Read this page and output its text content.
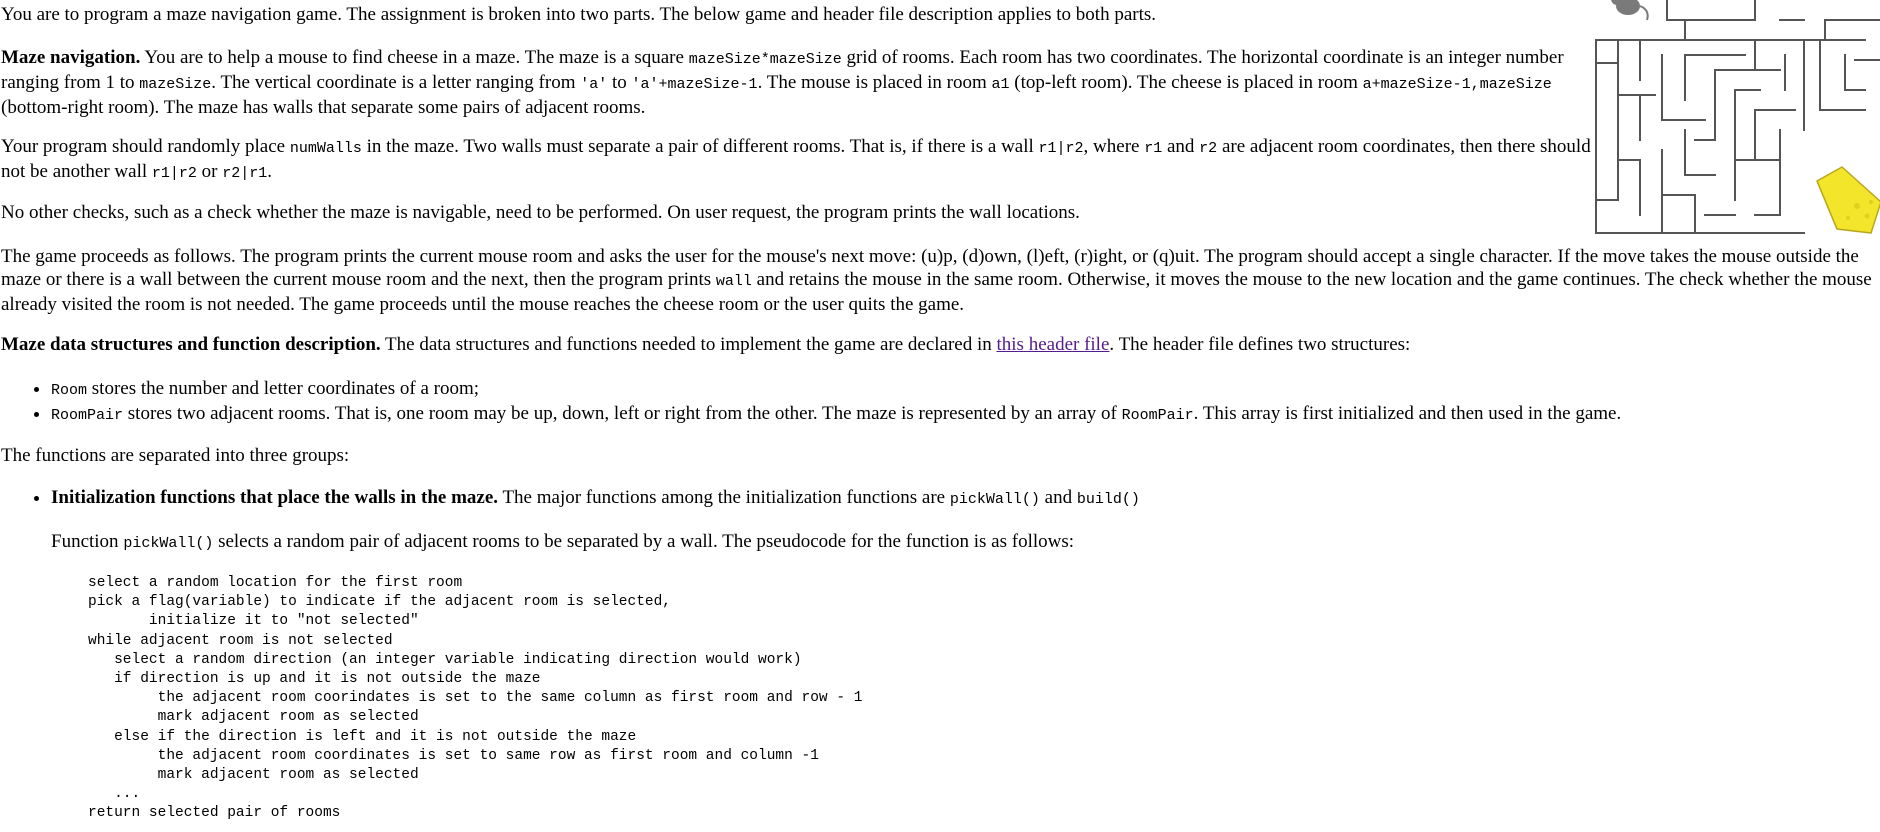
You are to program a maze navigation game. The assignment is broken into two parts. The below game and header file description applies to both parts.

Maze navigation. You are to help a mouse to find cheese in a maze. The maze is a square mazeSize*mazeSize grid of rooms. Each room has two coordinates. The horizontal coordinate is an integer number ranging from 1 to mazeSize. The vertical coordinate is a letter ranging from 'a' to 'a'+mazeSize-1. The mouse is placed in room a1 (top-left room). The cheese is placed in room a+mazeSize-1,mazeSize (bottom-right room). The maze has walls that separate some pairs of adjacent rooms.

Your program should randomly place numWalls in the maze. Two walls must separate a pair of different rooms. That is, if there is a wall r1|r2, where r1 and r2 are adjacent room coordinates, then there should not be another wall r1|r2 or r2|r1.

No other checks, such as a check whether the maze is navigable, need to be performed. On user request, the program prints the wall locations.

The game proceeds as follows. The program prints the current mouse room and asks the user for the mouse's next move: (u)p, (d)own, (l)eft, (r)ight, or (q)uit. The program should accept a single character. If the move takes the mouse outside the maze or there is a wall between the current mouse room and the next, then the program prints wall and retains the mouse in the same room. Otherwise, it moves the mouse to the new location and the game continues. The check whether the mouse already visited the room is not needed. The game proceeds until the mouse reaches the cheese room or the user quits the game.

Maze data structures and function description. The data structures and functions needed to implement the game are declared in this header file. The header file defines two structures:

• Room stores the number and letter coordinates of a room;
• RoomPair stores two adjacent rooms. That is, one room may be up, down, left or right from the other. The maze is represented by an array of RoomPair. This array is first initialized and then used in the game.

The functions are separated into three groups:

• Initialization functions that place the walls in the maze. The major functions among the initialization functions are pickWall() and build()

Function pickWall() selects a random pair of adjacent rooms to be separated by a wall. The pseudocode for the function is as follows:

select a random location for the first room
pick a flag(variable) to indicate if the adjacent room is selected,
initialize it to "not selected"
while adjacent room is not selected
select a random direction (an integer variable indicating direction would work)
if direction is up and it is not outside the maze
the adjacent room coorindates is set to the same column as first room and row - 1
mark adjacent room as selected
else if the direction is left and it is not outside the maze
the adjacent room coordinates is set to same row as first room and column -1
mark adjacent room as selected
...
return selected pair of rooms
